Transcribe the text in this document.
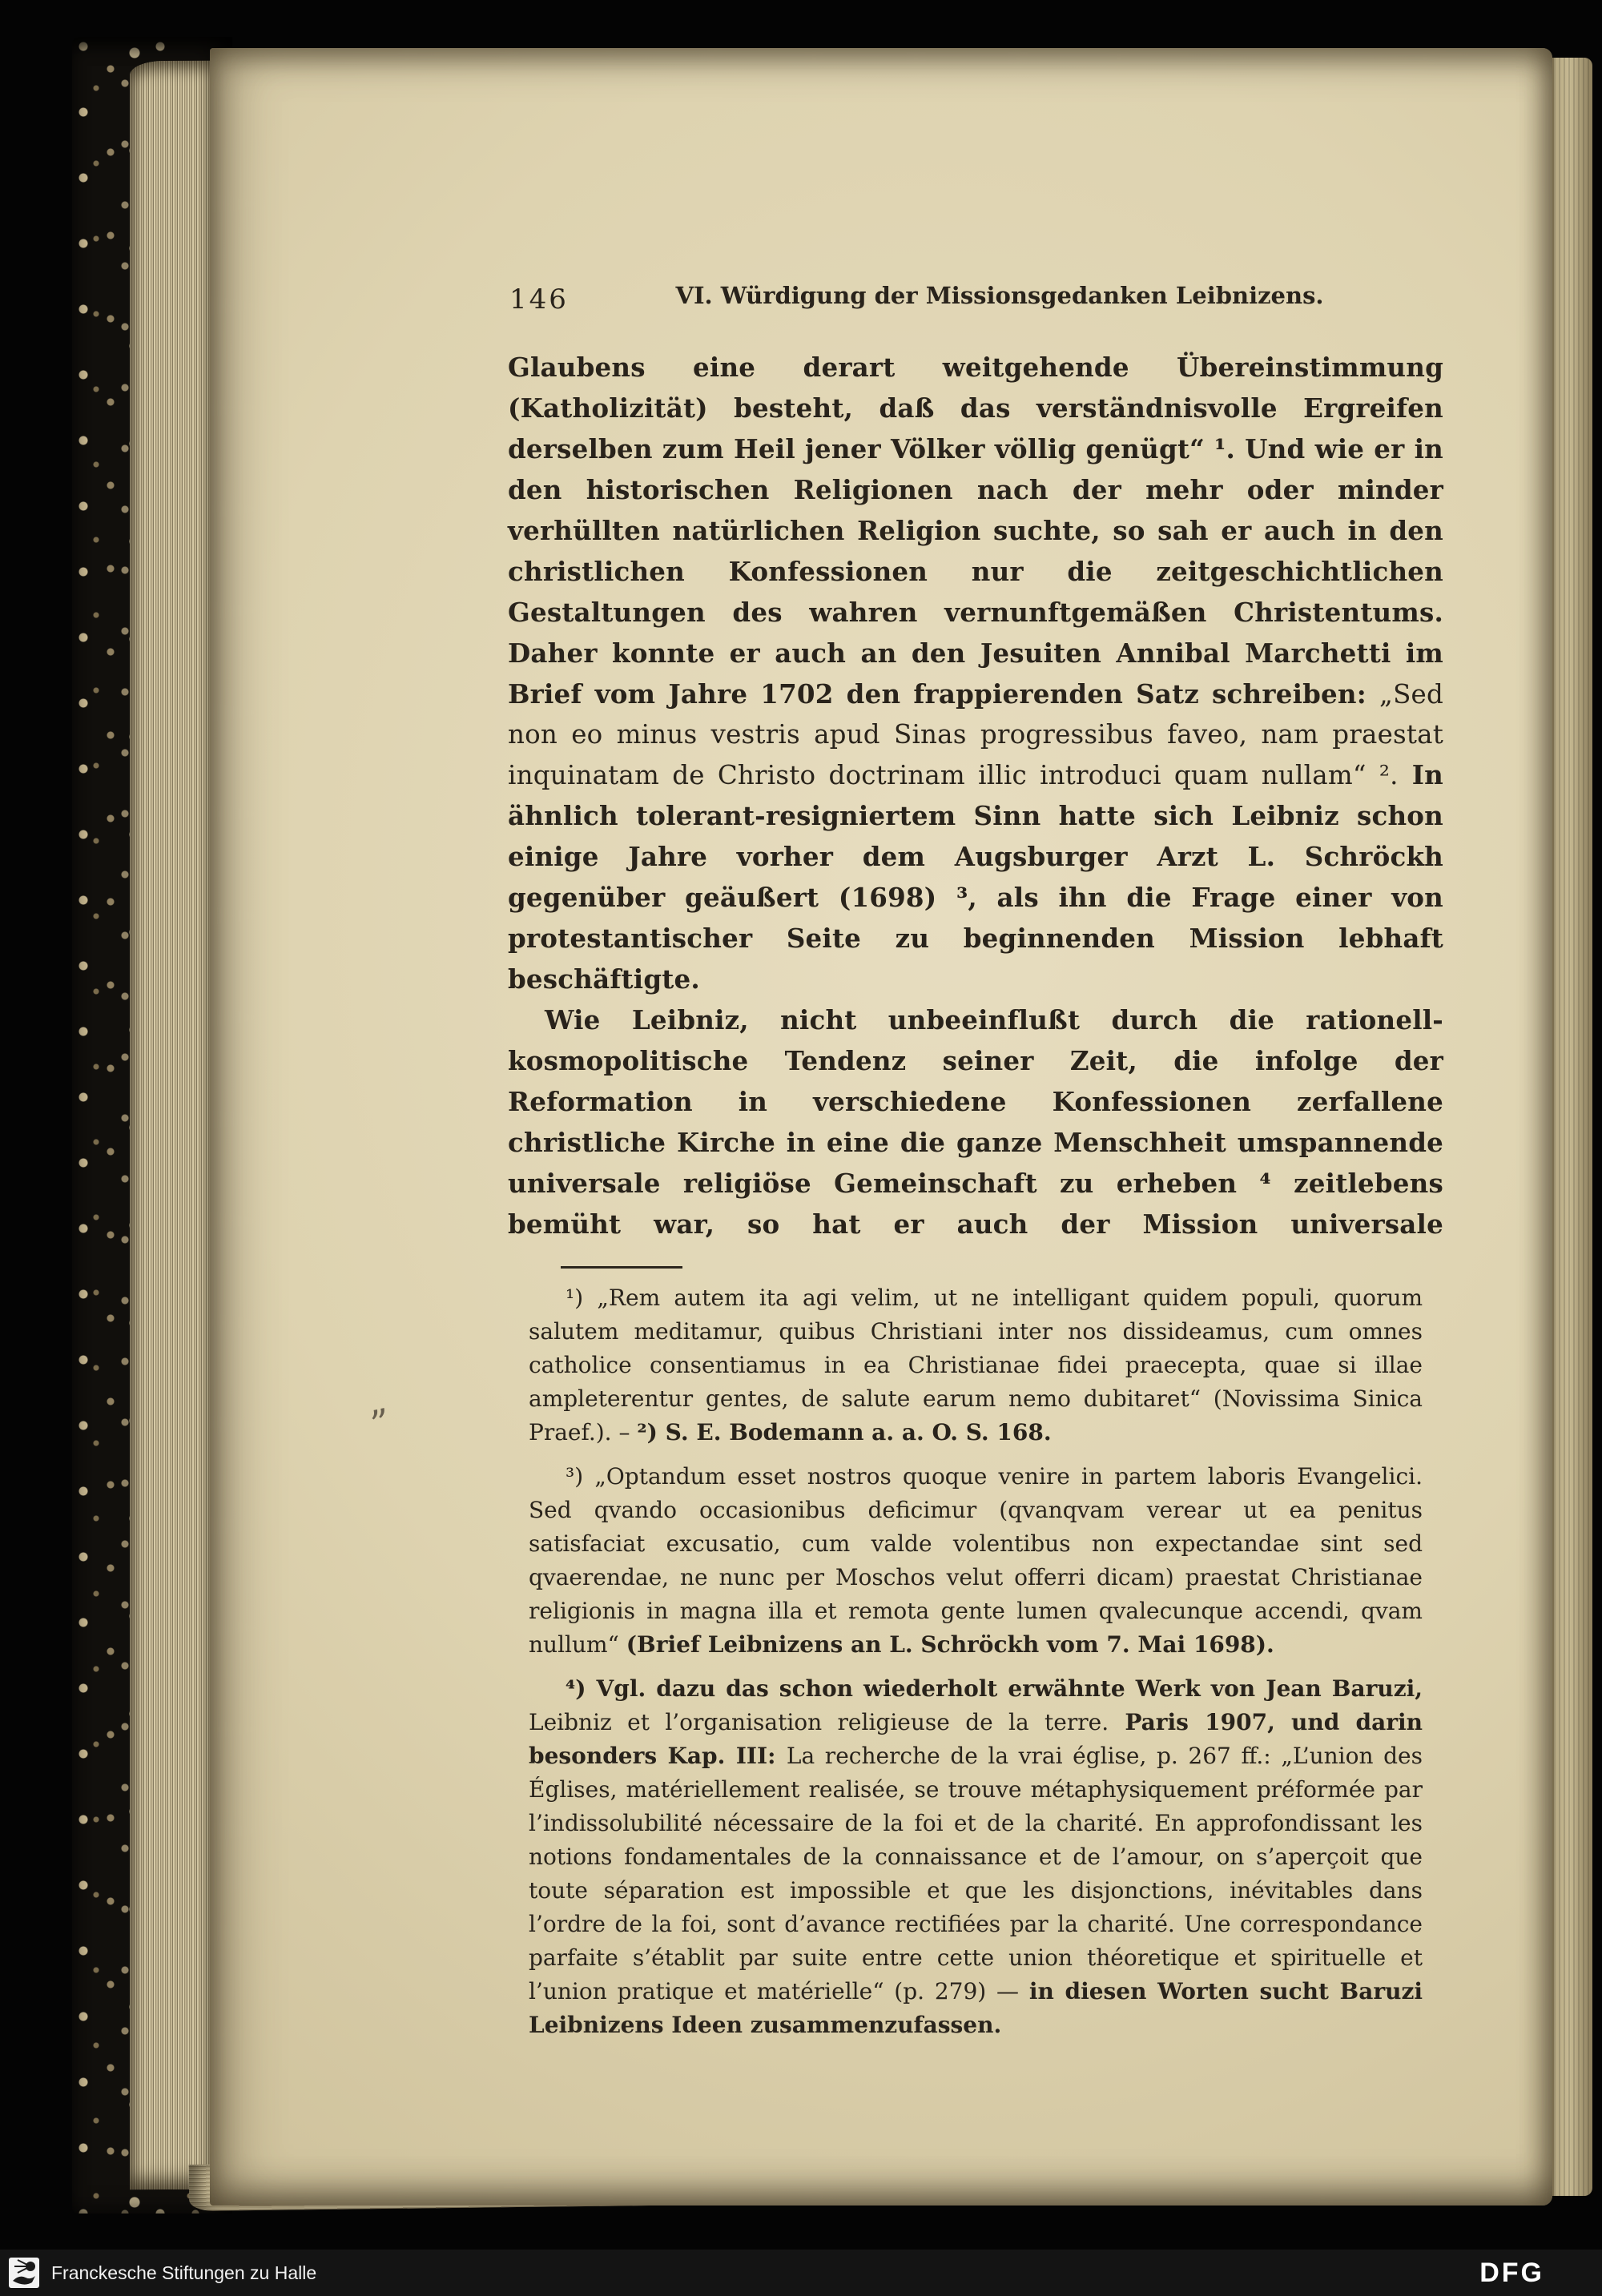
146	VI. Würdigung der Missionsgedanken Leibnizens.

Glaubens eine derart weitgehende Übereinstimmung (Katholizität) besteht, daß das verständnisvolle Ergreifen derselben zum Heil jener Völker völlig genügt“ ¹. Und wie er in den historischen Religionen nach der mehr oder minder verhüllten natürlichen Religion suchte, so sah er auch in den christlichen Konfessionen nur die zeitgeschichtlichen Gestaltungen des wahren vernunftgemäßen Christentums. Daher konnte er auch an den Jesuiten Annibal Marchetti im Brief vom Jahre 1702 den frappierenden Satz schreiben: „Sed non eo minus vestris apud Sinas progressibus faveo, nam praestat inquinatam de Christo doctrinam illic introduci quam nullam“ ². In ähnlich tolerant-resigniertem Sinn hatte sich Leibniz schon einige Jahre vorher dem Augsburger Arzt L. Schröckh gegenüber geäußert (1698) ³, als ihn die Frage einer von protestantischer Seite zu beginnenden Mission lebhaft beschäftigte.

Wie Leibniz, nicht unbeeinflußt durch die rationell-kosmopolitische Tendenz seiner Zeit, die infolge der Reformation in verschiedene Konfessionen zerfallene christliche Kirche in eine die ganze Menschheit umspannende universale religiöse Gemeinschaft zu erheben ⁴ zeitlebens bemüht war, so hat er auch der Mission universale

¹) „Rem autem ita agi velim, ut ne intelligant quidem populi, quorum salutem meditamur, quibus Christiani inter nos dissideamus, cum omnes catholice consentiamus in ea Christianae fidei praecepta, quae si illae ampleterentur gentes, de salute earum nemo dubitaret“ (Novissima Sinica Praef.). – ²) S. E. Bodemann a. a. O. S. 168.

³) „Optandum esset nostros quoque venire in partem laboris Evangelici. Sed qvando occasionibus deficimur (qvanqvam verear ut ea penitus satisfaciat excusatio, cum valde volentibus non expectandae sint sed qvaerendae, ne nunc per Moschos velut offerri dicam) praestat Christianae religionis in magna illa et remota gente lumen qvalecunque accendi, qvam nullum“ (Brief Leibnizens an L. Schröckh vom 7. Mai 1698).

⁴) Vgl. dazu das schon wiederholt erwähnte Werk von Jean Baruzi, Leibniz et l’organisation religieuse de la terre. Paris 1907, und darin besonders Kap. III: La recherche de la vrai église, p. 267 ff.: „L’union des Églises, matériellement realisée, se trouve métaphysiquement préformée par l’indissolubilité nécessaire de la foi et de la charité. En approfondissant les notions fondamentales de la connaissance et de l’amour, on s’aperçoit que toute séparation est impossible et que les disjonctions, inévitables dans l’ordre de la foi, sont d’avance rectifiées par la charité. Une correspondance parfaite s’établit par suite entre cette union théoretique et spirituelle et l’union pratique et matérielle“ (p. 279) — in diesen Worten sucht Baruzi Leibnizens Ideen zusammenzufassen.

„
Franckesche Stiftungen zu Halle	DFG
